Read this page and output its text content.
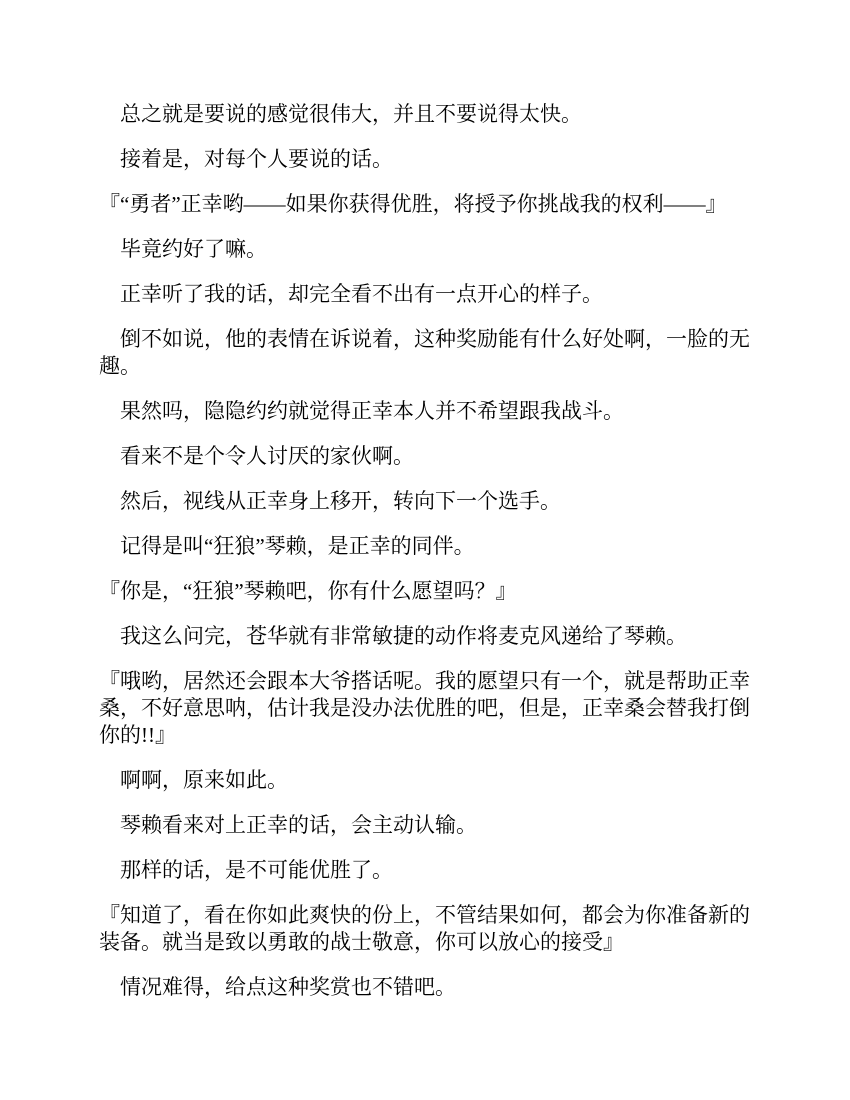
总之就是要说的感觉很伟大，并且不要说得太快。

接着是，对每个人要说的话。

『“勇者”正幸哟——如果你获得优胜，将授予你挑战我的权利——』

毕竟约好了嘛。

正幸听了我的话，却完全看不出有一点开心的样子。

倒不如说，他的表情在诉说着，这种奖励能有什么好处啊，一脸的无趣。

果然吗，隐隐约约就觉得正幸本人并不希望跟我战斗。

看来不是个令人讨厌的家伙啊。

然后，视线从正幸身上移开，转向下一个选手。

记得是叫“狂狼”琴赖，是正幸的同伴。

『你是，“狂狼”琴赖吧，你有什么愿望吗？』

我这么问完，苍华就有非常敏捷的动作将麦克风递给了琴赖。

『哦哟，居然还会跟本大爷搭话呢。我的愿望只有一个，就是帮助正幸桑，不好意思呐，估计我是没办法优胜的吧，但是，正幸桑会替我打倒你的!!』

啊啊，原来如此。

琴赖看来对上正幸的话，会主动认输。

那样的话，是不可能优胜了。

『知道了，看在你如此爽快的份上，不管结果如何，都会为你准备新的装备。就当是致以勇敢的战士敬意，你可以放心的接受』

情况难得，给点这种奖赏也不错吧。
